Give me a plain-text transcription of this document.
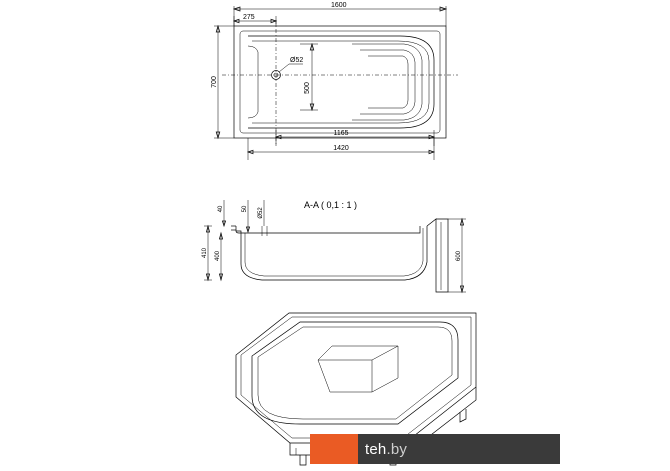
1600
275
700
Ø52
500
1165
1420
A-A ( 0,1 : 1 )
40	50 Ø52
410 400	600
teh.by
